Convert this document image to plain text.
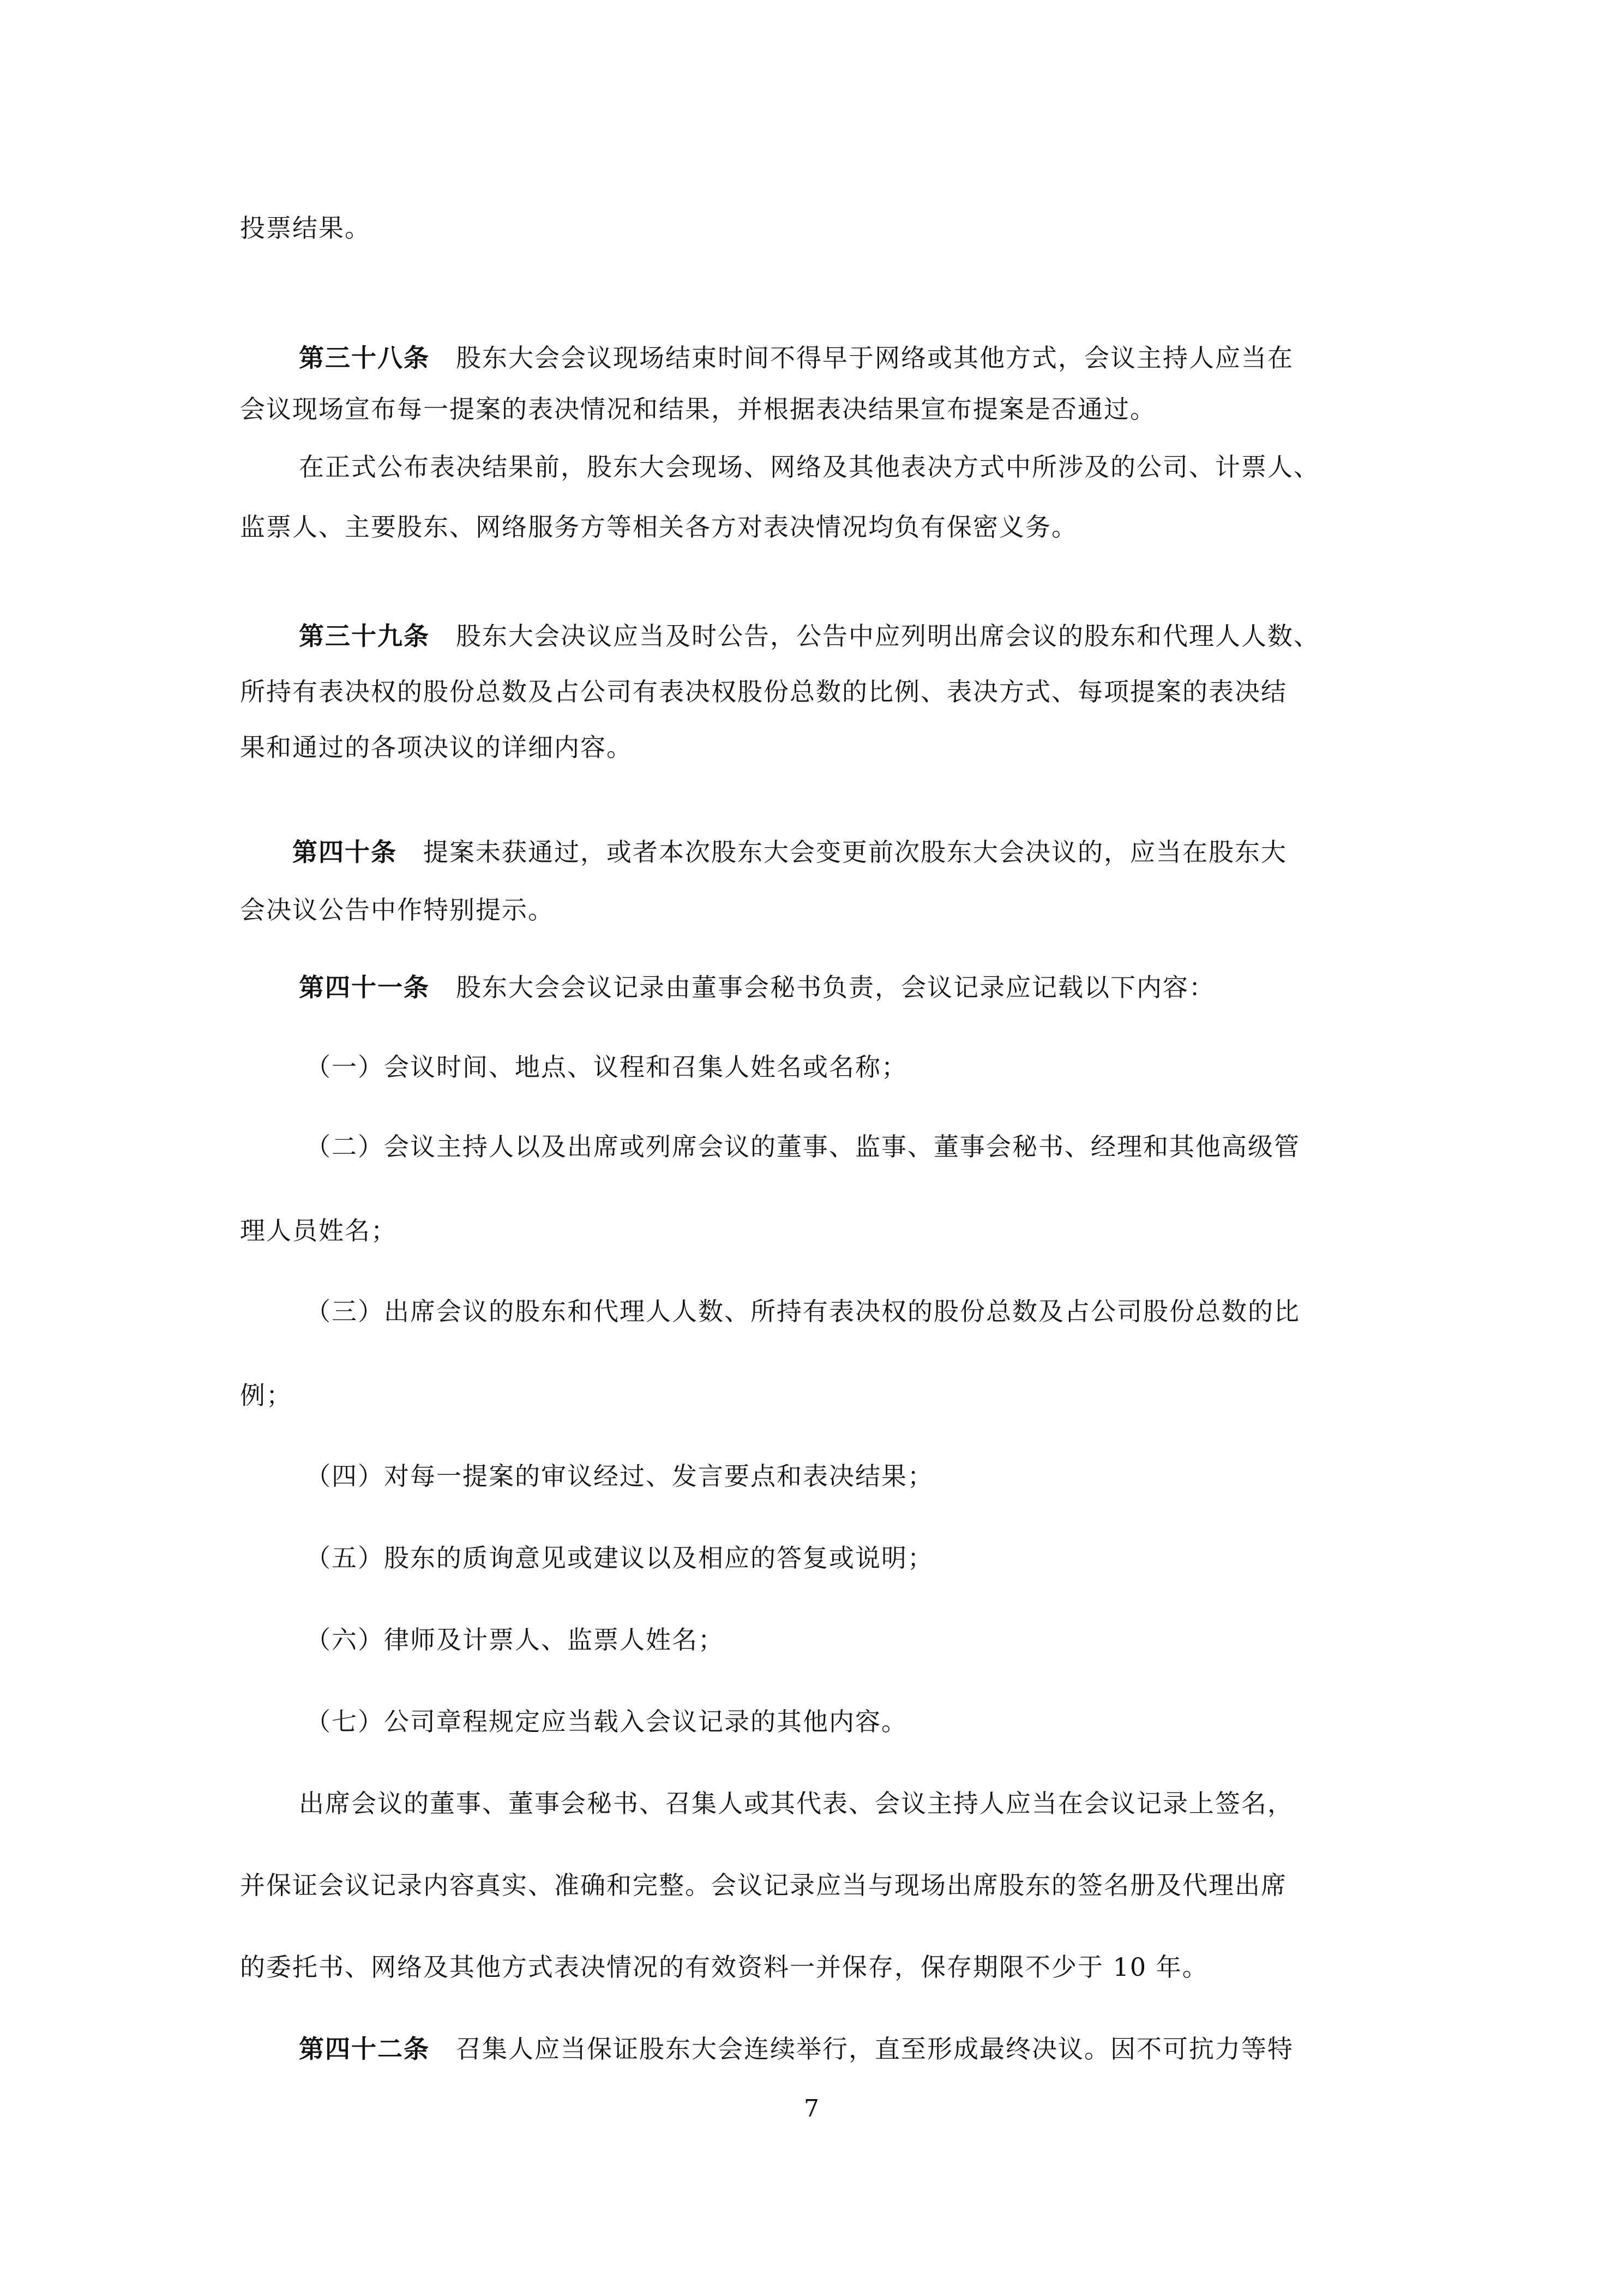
投票结果。
第三十八条 股东大会会议现场结束时间不得早于网络或其他方式，会议主持人应当在
会议现场宣布每一提案的表决情况和结果，并根据表决结果宣布提案是否通过。
在正式公布表决结果前，股东大会现场、网络及其他表决方式中所涉及的公司、计票人、
监票人、主要股东、网络服务方等相关各方对表决情况均负有保密义务。
第三十九条 股东大会决议应当及时公告，公告中应列明出席会议的股东和代理人人数、
所持有表决权的股份总数及占公司有表决权股份总数的比例、表决方式、每项提案的表决结
果和通过的各项决议的详细内容。
第四十条 提案未获通过，或者本次股东大会变更前次股东大会决议的，应当在股东大
会决议公告中作特别提示。
第四十一条 股东大会会议记录由董事会秘书负责，会议记录应记载以下内容：
（一）会议时间、地点、议程和召集人姓名或名称；
（二）会议主持人以及出席或列席会议的董事、监事、董事会秘书、经理和其他高级管
理人员姓名；
（三）出席会议的股东和代理人人数、所持有表决权的股份总数及占公司股份总数的比
例；
（四）对每一提案的审议经过、发言要点和表决结果；
（五）股东的质询意见或建议以及相应的答复或说明；
（六）律师及计票人、监票人姓名；
（七）公司章程规定应当载入会议记录的其他内容。
出席会议的董事、董事会秘书、召集人或其代表、会议主持人应当在会议记录上签名，
并保证会议记录内容真实、准确和完整。会议记录应当与现场出席股东的签名册及代理出席
的委托书、网络及其他方式表决情况的有效资料一并保存，保存期限不少于 10 年。
第四十二条 召集人应当保证股东大会连续举行，直至形成最终决议。因不可抗力等特
7
